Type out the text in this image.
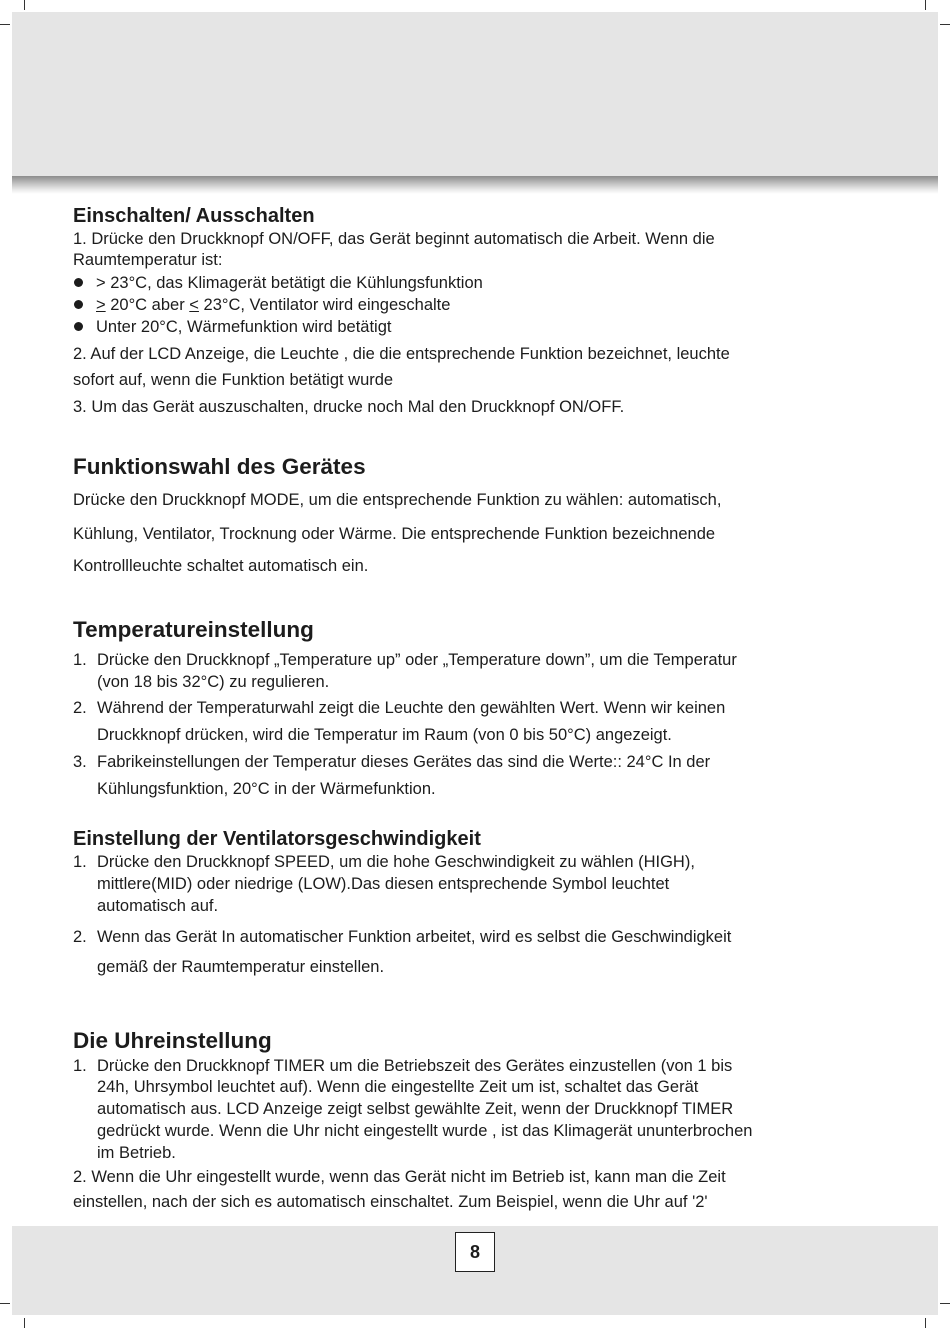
Einschalten/ Ausschalten

1. Drücke den Druckknopf ON/OFF, das Gerät beginnt automatisch die Arbeit. Wenn die

Raumtemperatur ist:

> 23°C, das Klimagerät betätigt die Kühlungsfunktion

≥ 20°C aber ≤ 23°C, Ventilator wird eingeschalte

Unter 20°C, Wärmefunktion wird betätigt

2. Auf der LCD Anzeige, die Leuchte , die die entsprechende Funktion bezeichnet, leuchte

sofort auf, wenn die Funktion betätigt wurde

3. Um das Gerät auszuschalten, drucke noch Mal den Druckknopf ON/OFF.

Funktionswahl des Gerätes

Drücke den Druckknopf MODE, um die entsprechende Funktion zu wählen: automatisch,

Kühlung, Ventilator, Trocknung oder Wärme. Die entsprechende Funktion bezeichnende

Kontrollleuchte schaltet automatisch ein.

Temperatureinstellung

1. Drücke den Druckknopf „Temperature up” oder „Temperature down”, um die Temperatur

(von 18 bis 32°C) zu regulieren.

2. Während der Temperaturwahl zeigt die Leuchte den gewählten Wert. Wenn wir keinen

Druckknopf drücken, wird die Temperatur im Raum (von 0 bis 50°C) angezeigt.

3. Fabrikeinstellungen der Temperatur dieses Gerätes das sind die Werte:: 24°C In der

Kühlungsfunktion, 20°C in der Wärmefunktion.

Einstellung der Ventilatorsgeschwindigkeit

1. Drücke den Druckknopf SPEED, um die hohe Geschwindigkeit zu wählen (HIGH),

mittlere(MID) oder niedrige (LOW).Das diesen entsprechende Symbol leuchtet

automatisch auf.

2. Wenn das Gerät In automatischer Funktion arbeitet, wird es selbst die Geschwindigkeit

gemäß der Raumtemperatur einstellen.

Die Uhreinstellung

1. Drücke den Druckknopf TIMER um die Betriebszeit des Gerätes einzustellen (von 1 bis

24h, Uhrsymbol leuchtet auf). Wenn die eingestellte Zeit um ist, schaltet das Gerät

automatisch aus. LCD Anzeige zeigt selbst gewählte Zeit, wenn der Druckknopf TIMER

gedrückt wurde. Wenn die Uhr nicht eingestellt wurde , ist das Klimagerät ununterbrochen

im Betrieb.

2. Wenn die Uhr eingestellt wurde, wenn das Gerät nicht im Betrieb ist, kann man die Zeit

einstellen, nach der sich es automatisch einschaltet. Zum Beispiel, wenn die Uhr auf '2'

8
